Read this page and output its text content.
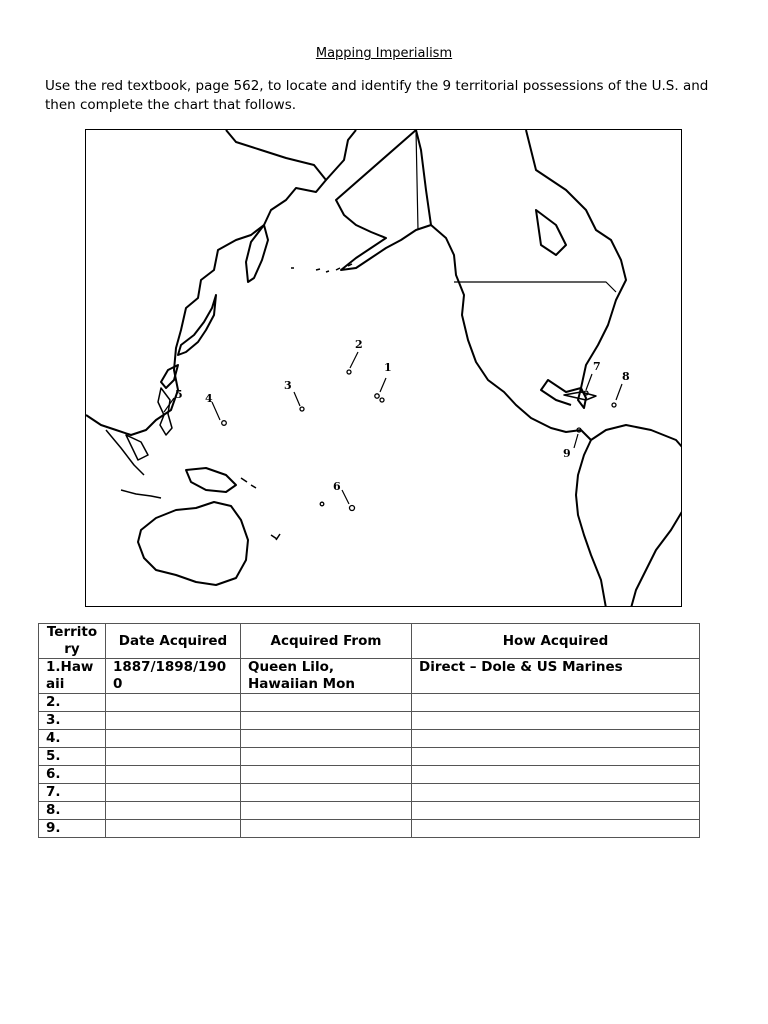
Mapping Imperialism
Use the red textbook, page 562, to locate and identify the 9 territorial possessions of the U.S. and then complete the chart that follows.
1
2
3
4
5
6
7
8
9
Territo ry	Date Acquired	Acquired From	How Acquired
1.Haw aii	1887/1898/190 0	Queen Lilo, Hawaiian Mon	Direct – Dole & US Marines
2.			
3.			
4.			
5.			
6.			
7.			
8.			
9.			
